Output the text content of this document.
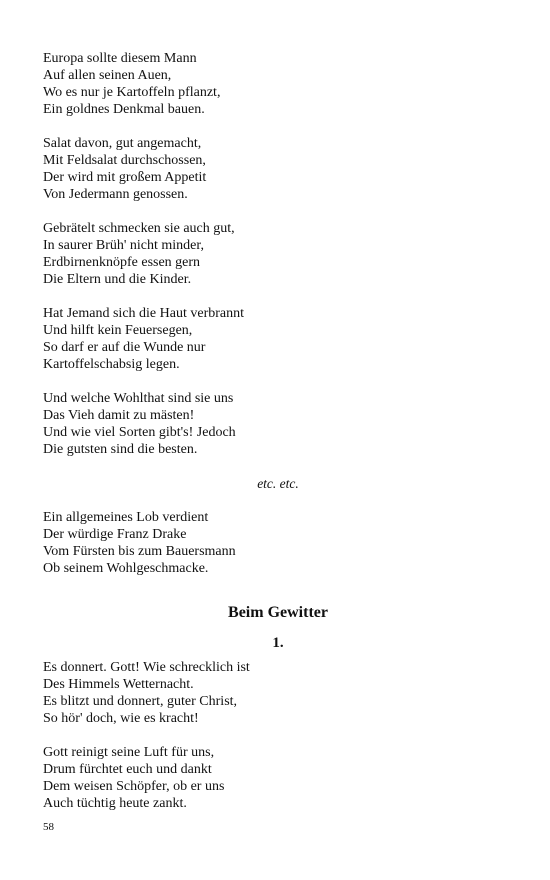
Europa sollte diesem Mann
Auf allen seinen Auen,
Wo es nur je Kartoffeln pflanzt,
Ein goldnes Denkmal bauen.
Salat davon, gut angemacht,
Mit Feldsalat durchschossen,
Der wird mit großem Appetit
Von Jedermann genossen.
Gebrätelt schmecken sie auch gut,
In saurer Brüh' nicht minder,
Erdbirnenknöpfe essen gern
Die Eltern und die Kinder.
Hat Jemand sich die Haut verbrannt
Und hilft kein Feuersegen,
So darf er auf die Wunde nur
Kartoffelschabsig legen.
Und welche Wohlthat sind sie uns
Das Vieh damit zu mästen!
Und wie viel Sorten gibt's! Jedoch
Die gutsten sind die besten.

etc. etc.

Ein allgemeines Lob verdient
Der würdige Franz Drake
Vom Fürsten bis zum Bauersmann
Ob seinem Wohlgeschmacke.
Beim Gewitter
1.
Es donnert. Gott! Wie schrecklich ist
Des Himmels Wetternacht.
Es blitzt und donnert, guter Christ,
So hör' doch, wie es kracht!
Gott reinigt seine Luft für uns,
Drum fürchtet euch und dankt
Dem weisen Schöpfer, ob er uns
Auch tüchtig heute zankt.
58
